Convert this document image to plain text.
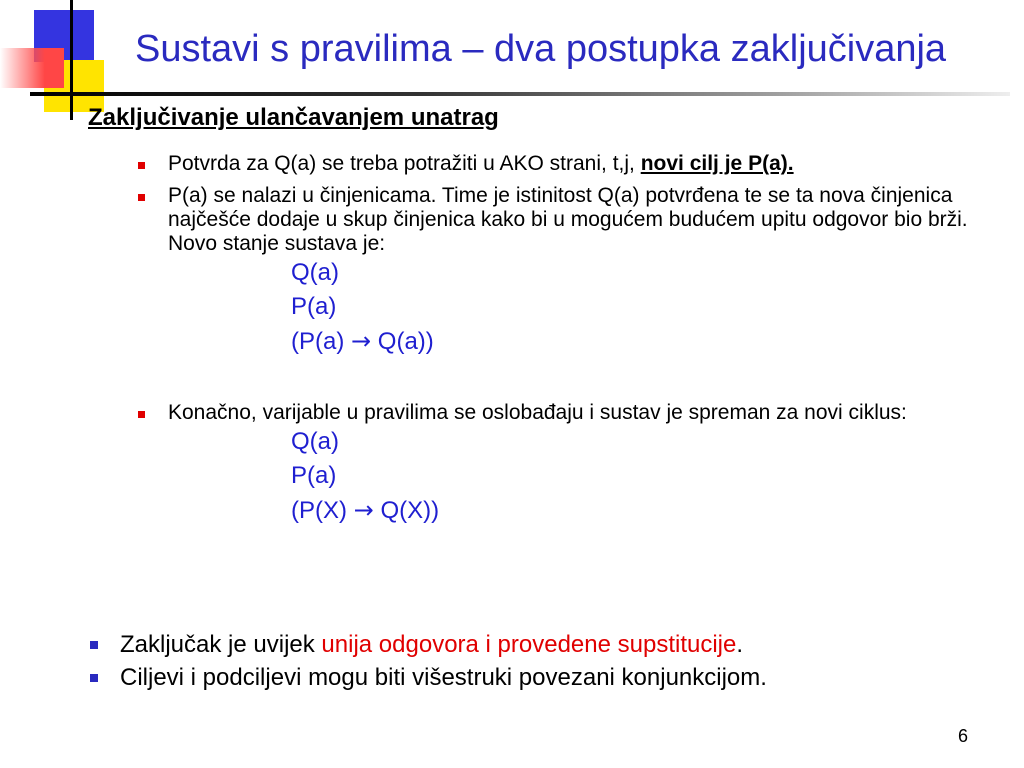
Sustavi s pravilima – dva postupka zaključivanja
Zaključivanje ulančavanjem unatrag
Potvrda za Q(a) se treba potražiti u AKO strani, t,j, novi cilj je P(a).
P(a) se nalazi u činjenicama. Time je istinitost Q(a) potvrđena te se ta nova činjenica najčešće dodaje u skup činjenica kako bi u mogućem budućem upitu odgovor bio brži. Novo stanje sustava je:
Q(a)
P(a)
(P(a) → Q(a))
Konačno, varijable u pravilima se oslobađaju i sustav je spreman za novi ciklus:
Q(a)
P(a)
(P(X) → Q(X))
Zaključak je uvijek unija odgovora i provedene supstitucije.
Ciljevi i podciljevi mogu biti višestruki povezani konjunkcijom.
6
